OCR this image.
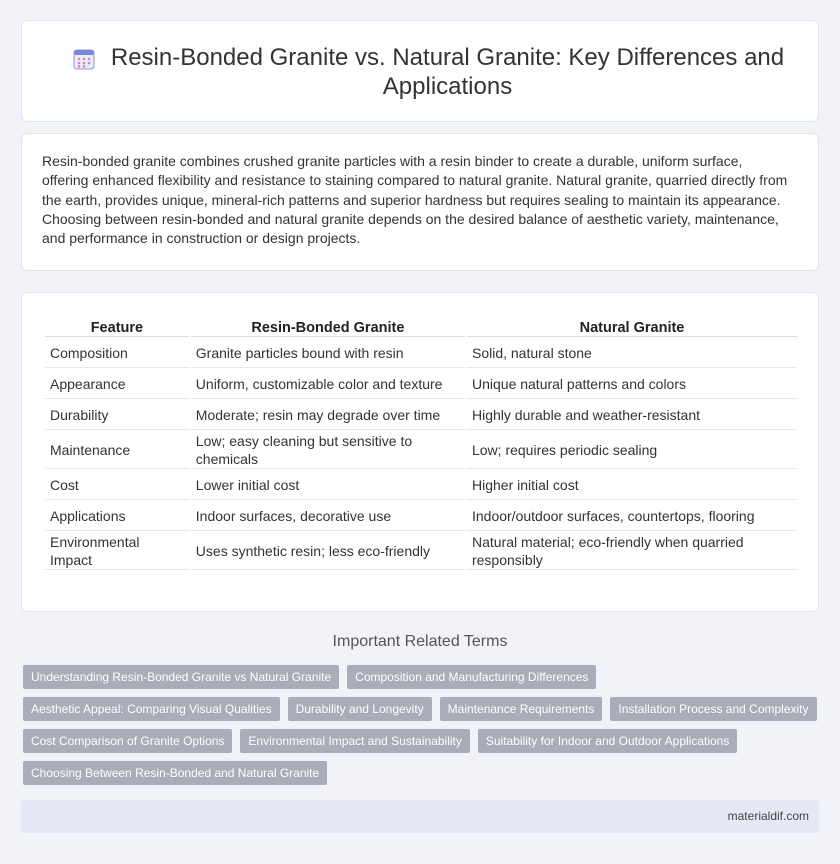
Resin-Bonded Granite vs. Natural Granite: Key Differences and Applications

Resin-bonded granite combines crushed granite particles with a resin binder to create a durable, uniform surface, offering enhanced flexibility and resistance to staining compared to natural granite. Natural granite, quarried directly from the earth, provides unique, mineral-rich patterns and superior hardness but requires sealing to maintain its appearance. Choosing between resin-bonded and natural granite depends on the desired balance of aesthetic variety, maintenance, and performance in construction or design projects.

Feature	Resin-Bonded Granite	Natural Granite
Composition	Granite particles bound with resin	Solid, natural stone
Appearance	Uniform, customizable color and texture	Unique natural patterns and colors
Durability	Moderate; resin may degrade over time	Highly durable and weather-resistant
Maintenance	Low; easy cleaning but sensitive to chemicals	Low; requires periodic sealing
Cost	Lower initial cost	Higher initial cost
Applications	Indoor surfaces, decorative use	Indoor/outdoor surfaces, countertops, flooring
Environmental Impact	Uses synthetic resin; less eco-friendly	Natural material; eco-friendly when quarried responsibly
Important Related Terms
Understanding Resin-Bonded Granite vs Natural Granite	Composition and Manufacturing Differences
Aesthetic Appeal: Comparing Visual Qualities	Durability and Longevity	Maintenance Requirements	Installation Process and Complexity
Cost Comparison of Granite Options	Environmental Impact and Sustainability	Suitability for Indoor and Outdoor Applications
Choosing Between Resin-Bonded and Natural Granite
materialdif.com
